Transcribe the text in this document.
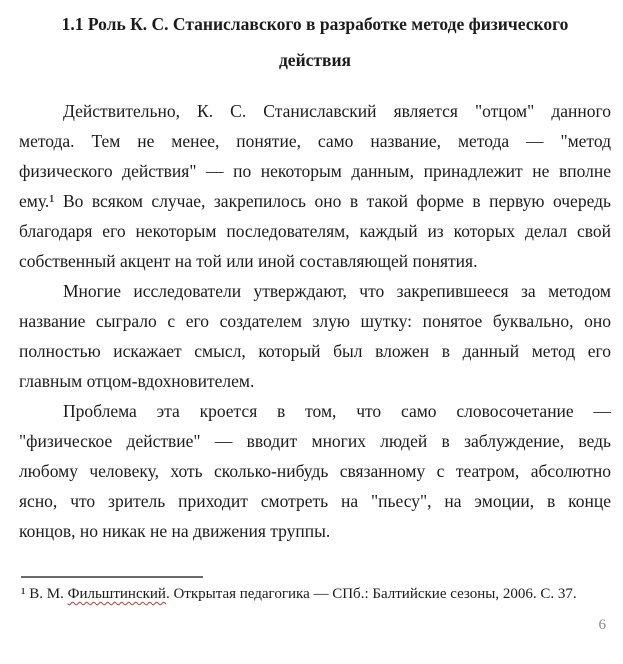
1.1 Роль К. С. Станиславского в разработке методе физического
действия
Действительно, К. С. Станиславский является "отцом" данного
метода. Тем не менее, понятие, само название, метода — "метод
физического действия" — по некоторым данным, принадлежит не вполне
ему.¹ Во всяком случае, закрепилось оно в такой форме в первую очередь
благодаря его некоторым последователям, каждый из которых делал свой
собственный акцент на той или иной составляющей понятия.
Многие исследователи утверждают, что закрепившееся за методом
название сыграло с его создателем злую шутку: понятое буквально, оно
полностью искажает смысл, который был вложен в данный метод его
главным отцом-вдохновителем.
Проблема эта кроется в том, что само словосочетание —
"физическое действие" — вводит многих людей в заблуждение, ведь
любому человеку, хоть сколько-нибудь связанному с театром, абсолютно
ясно, что зритель приходит смотреть на "пьесу", на эмоции, в конце
концов, но никак не на движения труппы.
¹ В. М. Фильштинский. Открытая педагогика — СПб.: Балтийские сезоны, 2006. С. 37.
6
